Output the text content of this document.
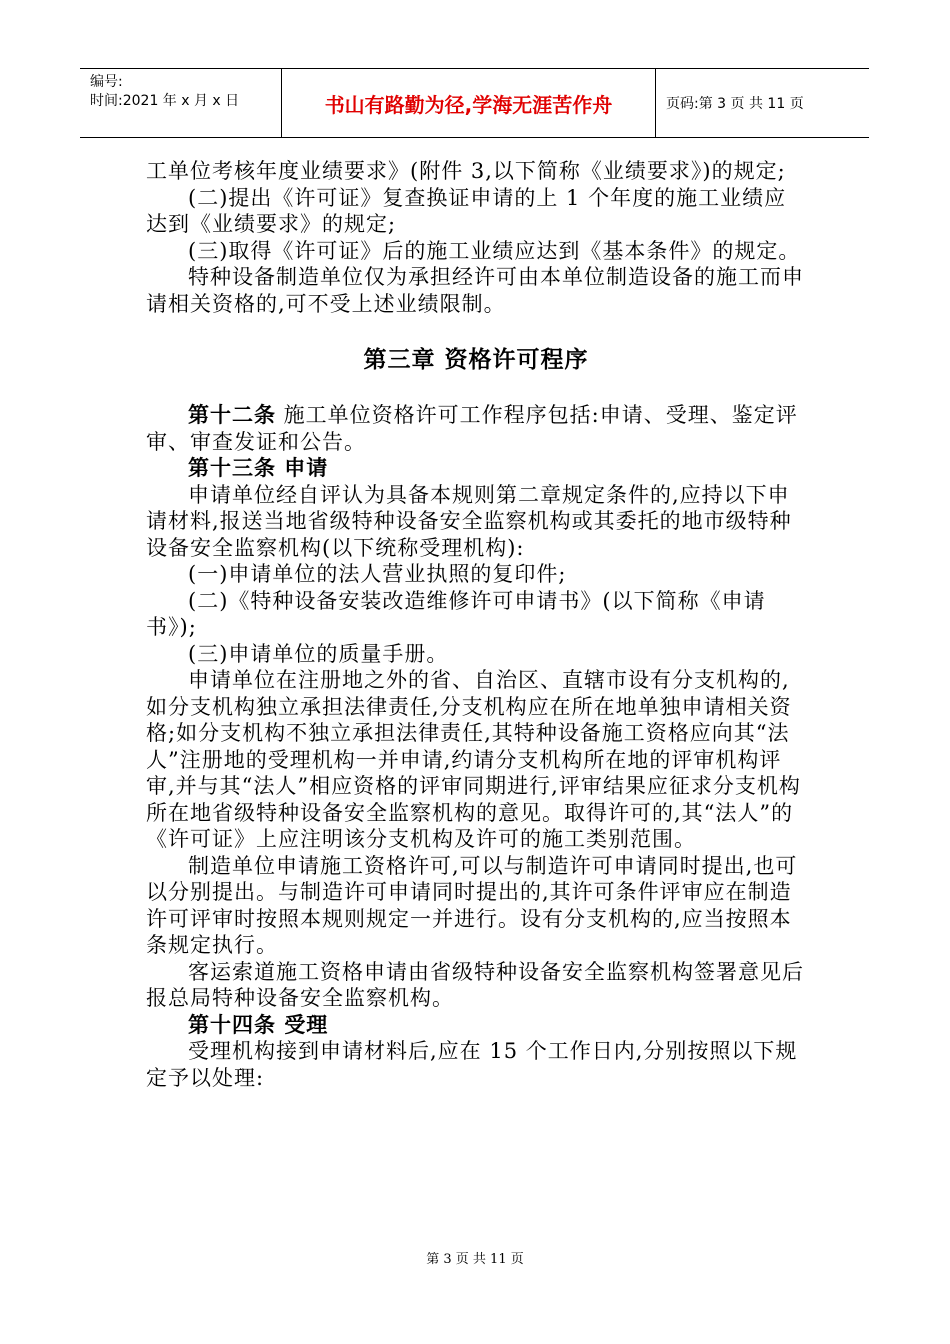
编号:
时间:2021 年 x 月 x 日	书山有路勤为径,学海无涯苦作舟	页码:第 3 页 共 11 页

工单位考核年度业绩要求》(附件 3,以下简称《业绩要求》)的规定;

(二)提出《许可证》复查换证申请的上 1 个年度的施工业绩应达到《业绩要求》的规定;

(三)取得《许可证》后的施工业绩应达到《基本条件》的规定。

特种设备制造单位仅为承担经许可由本单位制造设备的施工而申请相关资格的,可不受上述业绩限制。

第三章 资格许可程序

第十二条 施工单位资格许可工作程序包括:申请、受理、鉴定评审、审查发证和公告。

第十三条 申请

申请单位经自评认为具备本规则第二章规定条件的,应持以下申请材料,报送当地省级特种设备安全监察机构或其委托的地市级特种设备安全监察机构(以下统称受理机构):

(一)申请单位的法人营业执照的复印件;

(二)《特种设备安装改造维修许可申请书》(以下简称《申请书》);

(三)申请单位的质量手册。

申请单位在注册地之外的省、自治区、直辖市设有分支机构的,如分支机构独立承担法律责任,分支机构应在所在地单独申请相关资格;如分支机构不独立承担法律责任,其特种设备施工资格应向其“法人”注册地的受理机构一并申请,约请分支机构所在地的评审机构评审,并与其“法人”相应资格的评审同期进行,评审结果应征求分支机构所在地省级特种设备安全监察机构的意见。取得许可的,其“法人”的《许可证》上应注明该分支机构及许可的施工类别范围。

制造单位申请施工资格许可,可以与制造许可申请同时提出,也可以分别提出。与制造许可申请同时提出的,其许可条件评审应在制造许可评审时按照本规则规定一并进行。设有分支机构的,应当按照本条规定执行。

客运索道施工资格申请由省级特种设备安全监察机构签署意见后报总局特种设备安全监察机构。

第十四条 受理

受理机构接到申请材料后,应在 15 个工作日内,分别按照以下规定予以处理:

第 3 页 共 11 页
